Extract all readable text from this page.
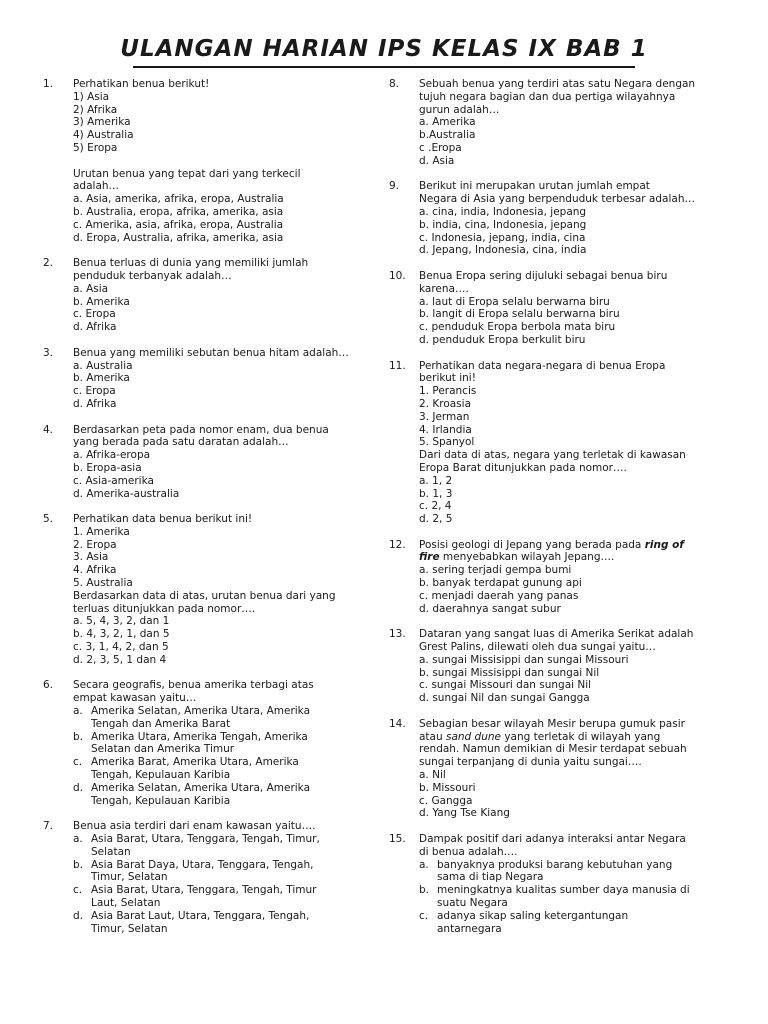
ULANGAN HARIAN IPS KELAS IX BAB 1
1. Perhatikan benua berikut!
1) Asia
2) Afrika
3) Amerika
4) Australia
5) Eropa
Urutan benua yang tepat dari yang terkecil
adalah…
a. Asia, amerika, afrika, eropa, Australia
b. Australia, eropa, afrika, amerika, asia
c. Amerika, asia, afrika, eropa, Australia
d. Eropa, Australia, afrika, amerika, asia
2. Benua terluas di dunia yang memiliki jumlah
penduduk terbanyak adalah…
a. Asia
b. Amerika
c. Eropa
d. Afrika
3. Benua yang memiliki sebutan benua hitam adalah…
a. Australia
b. Amerika
c. Eropa
d. Afrika
4. Berdasarkan peta pada nomor enam, dua benua
yang berada pada satu daratan adalah…
a. Afrika-eropa
b. Eropa-asia
c. Asia-amerika
d. Amerika-australia
5. Perhatikan data benua berikut ini!
1. Amerika
2. Eropa
3. Asia
4. Afrika
5. Australia
Berdasarkan data di atas, urutan benua dari yang
terluas ditunjukkan pada nomor….
a. 5, 4, 3, 2, dan 1
b. 4, 3, 2, 1, dan 5
c. 3, 1, 4, 2, dan 5
d. 2, 3, 5, 1 dan 4
6. Secara geografis, benua amerika terbagi atas
empat kawasan yaitu…
a. Amerika Selatan, Amerika Utara, Amerika
Tengah dan Amerika Barat
b. Amerika Utara, Amerika Tengah, Amerika
Selatan dan Amerika Timur
c. Amerika Barat, Amerika Utara, Amerika
Tengah, Kepulauan Karibia
d. Amerika Selatan, Amerika Utara, Amerika
Tengah, Kepulauan Karibia
7. Benua asia terdiri dari enam kawasan yaitu….
a. Asia Barat, Utara, Tenggara, Tengah, Timur,
Selatan
b. Asia Barat Daya, Utara, Tenggara, Tengah,
Timur, Selatan
c. Asia Barat, Utara, Tenggara, Tengah, Timur
Laut, Selatan
d. Asia Barat Laut, Utara, Tenggara, Tengah,
Timur, Selatan
8. Sebuah benua yang terdiri atas satu Negara dengan
tujuh negara bagian dan dua pertiga wilayahnya
gurun adalah…
a. Amerika
b.Australia
c .Eropa
d. Asia
9. Berikut ini merupakan urutan jumlah empat
Negara di Asia yang berpenduduk terbesar adalah…
a. cina, india, Indonesia, jepang
b. india, cina, Indonesia, jepang
c. Indonesia, jepang, india, cina
d. Jepang, Indonesia, cina, india
10. Benua Eropa sering dijuluki sebagai benua biru
karena….
a. laut di Eropa selalu berwarna biru
b. langit di Eropa selalu berwarna biru
c. penduduk Eropa berbola mata biru
d. penduduk Eropa berkulit biru
11. Perhatikan data negara-negara di benua Eropa
berikut ini!
1. Perancis
2. Kroasia
3. Jerman
4. Irlandia
5. Spanyol
Dari data di atas, negara yang terletak di kawasan
Eropa Barat ditunjukkan pada nomor….
a. 1, 2
b. 1, 3
c. 2, 4
d. 2, 5
12. Posisi geologi di Jepang yang berada pada ring of
fire menyebabkan wilayah Jepang….
a. sering terjadi gempa bumi
b. banyak terdapat gunung api
c. menjadi daerah yang panas
d. daerahnya sangat subur
13. Dataran yang sangat luas di Amerika Serikat adalah
Grest Palins, dilewati oleh dua sungai yaitu…
a. sungai Missisippi dan sungai Missouri
b. sungai Missisippi dan sungai Nil
c. sungai Missouri dan sungai Nil
d. sungai Nil dan sungai Gangga
14. Sebagian besar wilayah Mesir berupa gumuk pasir
atau sand dune yang terletak di wilayah yang
rendah. Namun demikian di Mesir terdapat sebuah
sungai terpanjang di dunia yaitu sungai….
a. Nil
b. Missouri
c. Gangga
d. Yang Tse Kiang
15. Dampak positif dari adanya interaksi antar Negara
di benua adalah….
a. banyaknya produksi barang kebutuhan yang
sama di tiap Negara
b. meningkatnya kualitas sumber daya manusia di
suatu Negara
c. adanya sikap saling ketergantungan
antarnegara
